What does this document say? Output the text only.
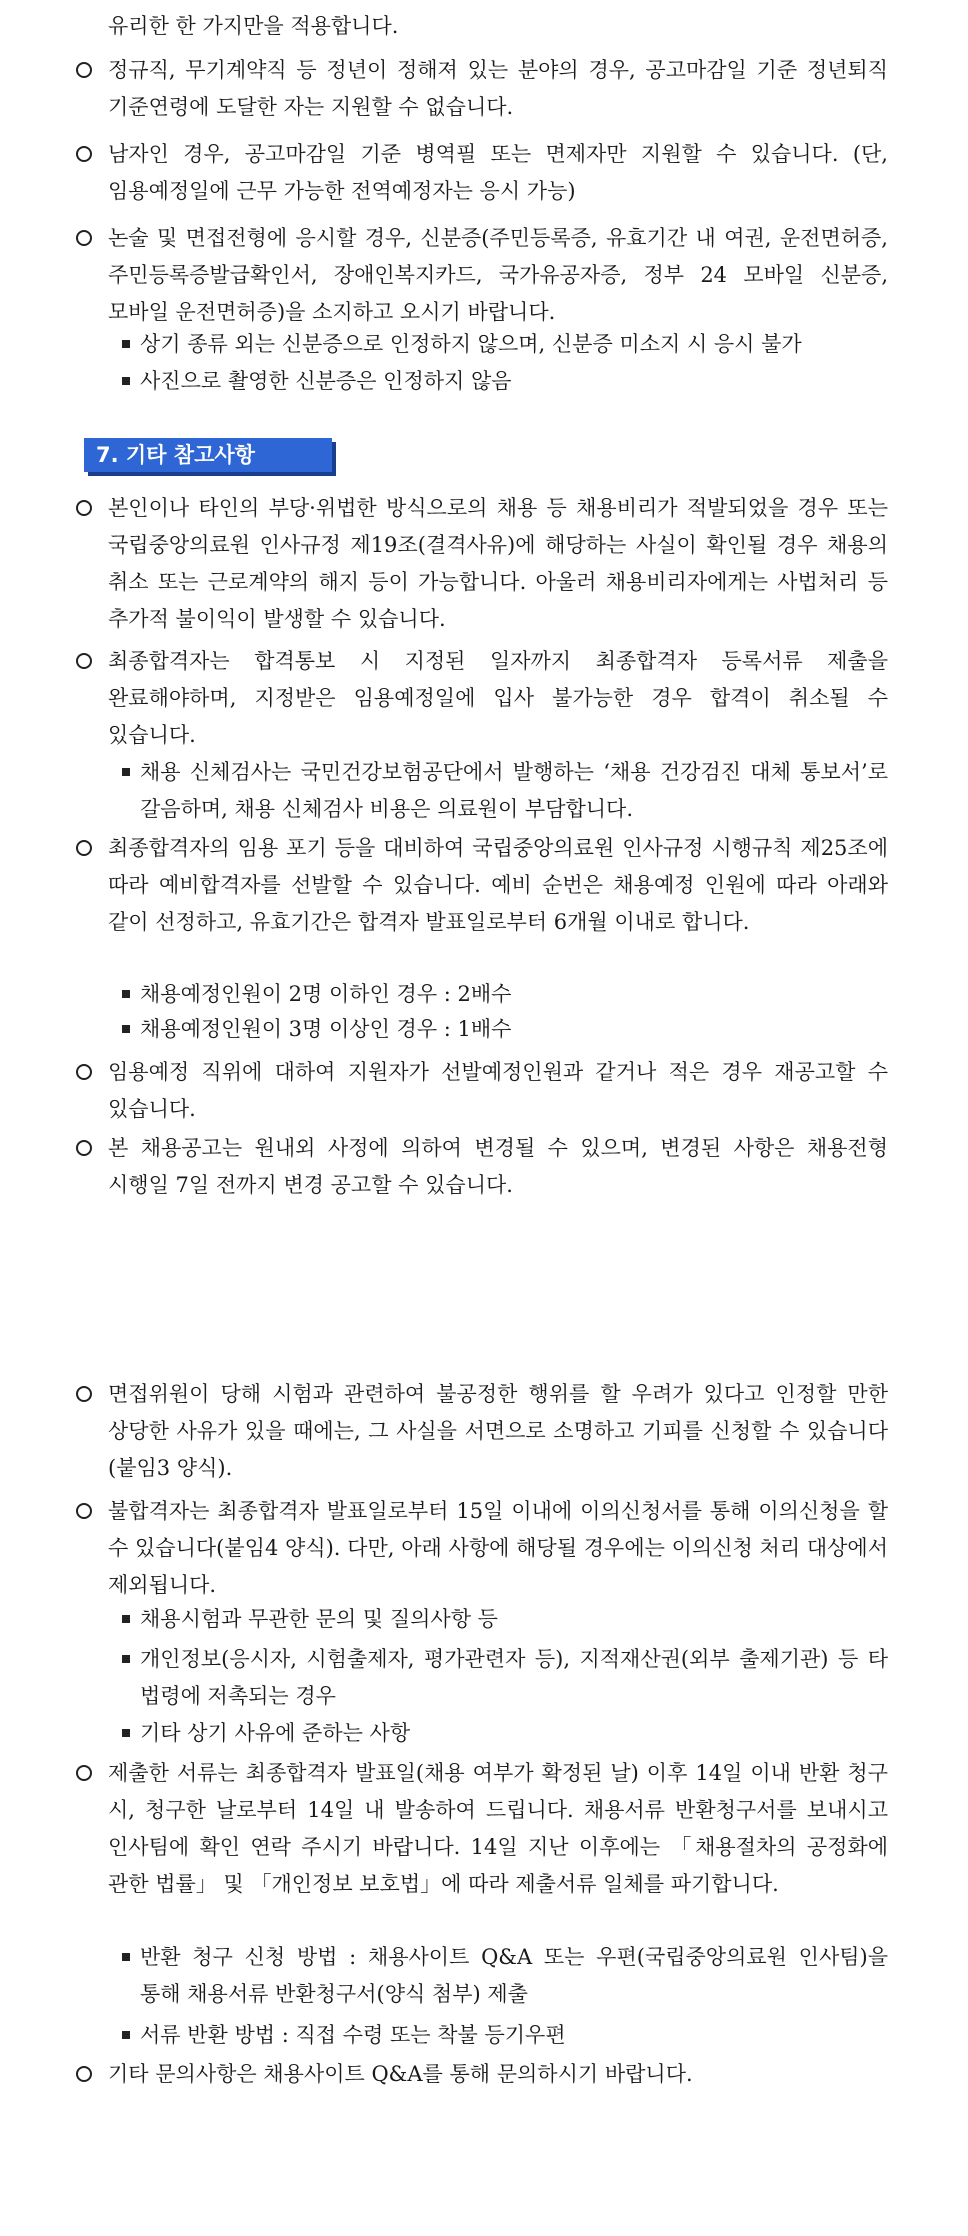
유리한 한 가지만을 적용합니다.
정규직, 무기계약직 등 정년이 정해져 있는 분야의 경우, 공고마감일 기준 정년퇴직 기준연령에 도달한 자는 지원할 수 없습니다.
남자인 경우, 공고마감일 기준 병역필 또는 면제자만 지원할 수 있습니다. (단, 임용예정일에 근무 가능한 전역예정자는 응시 가능)
논술 및 면접전형에 응시할 경우, 신분증(주민등록증, 유효기간 내 여권, 운전면허증, 주민등록증발급확인서, 장애인복지카드, 국가유공자증, 정부 24 모바일 신분증, 모바일 운전면허증)을 소지하고 오시기 바랍니다.
상기 종류 외는 신분증으로 인정하지 않으며, 신분증 미소지 시 응시 불가
사진으로 촬영한 신분증은 인정하지 않음
7. 기타 참고사항
본인이나 타인의 부당·위법한 방식으로의 채용 등 채용비리가 적발되었을 경우 또는 국립중앙의료원 인사규정 제19조(결격사유)에 해당하는 사실이 확인될 경우 채용의 취소 또는 근로계약의 해지 등이 가능합니다. 아울러 채용비리자에게는 사법처리 등 추가적 불이익이 발생할 수 있습니다.
최종합격자는 합격통보 시 지정된 일자까지 최종합격자 등록서류 제출을 완료해야하며, 지정받은 임용예정일에 입사 불가능한 경우 합격이 취소될 수 있습니다.
채용 신체검사는 국민건강보험공단에서 발행하는 ‘채용 건강검진 대체 통보서’로 갈음하며, 채용 신체검사 비용은 의료원이 부담합니다.
최종합격자의 임용 포기 등을 대비하여 국립중앙의료원 인사규정 시행규칙 제25조에 따라 예비합격자를 선발할 수 있습니다. 예비 순번은 채용예정 인원에 따라 아래와 같이 선정하고, 유효기간은 합격자 발표일로부터 6개월 이내로 합니다.
채용예정인원이 2명 이하인 경우 : 2배수
채용예정인원이 3명 이상인 경우 : 1배수
임용예정 직위에 대하여 지원자가 선발예정인원과 같거나 적은 경우 재공고할 수 있습니다.
본 채용공고는 원내외 사정에 의하여 변경될 수 있으며, 변경된 사항은 채용전형 시행일 7일 전까지 변경 공고할 수 있습니다.
면접위원이 당해 시험과 관련하여 불공정한 행위를 할 우려가 있다고 인정할 만한 상당한 사유가 있을 때에는, 그 사실을 서면으로 소명하고 기피를 신청할 수 있습니다(붙임3 양식).
불합격자는 최종합격자 발표일로부터 15일 이내에 이의신청서를 통해 이의신청을 할 수 있습니다(붙임4 양식). 다만, 아래 사항에 해당될 경우에는 이의신청 처리 대상에서 제외됩니다.
채용시험과 무관한 문의 및 질의사항 등
개인정보(응시자, 시험출제자, 평가관련자 등), 지적재산권(외부 출제기관) 등 타 법령에 저촉되는 경우
기타 상기 사유에 준하는 사항
제출한 서류는 최종합격자 발표일(채용 여부가 확정된 날) 이후 14일 이내 반환 청구 시, 청구한 날로부터 14일 내 발송하여 드립니다. 채용서류 반환청구서를 보내시고 인사팀에 확인 연락 주시기 바랍니다. 14일 지난 이후에는 「채용절차의 공정화에 관한 법률」 및 「개인정보 보호법」에 따라 제출서류 일체를 파기합니다.
반환 청구 신청 방법 : 채용사이트 Q&A 또는 우편(국립중앙의료원 인사팀)을 통해 채용서류 반환청구서(양식 첨부) 제출
서류 반환 방법 : 직접 수령 또는 착불 등기우편
기타 문의사항은 채용사이트 Q&A를 통해 문의하시기 바랍니다.
